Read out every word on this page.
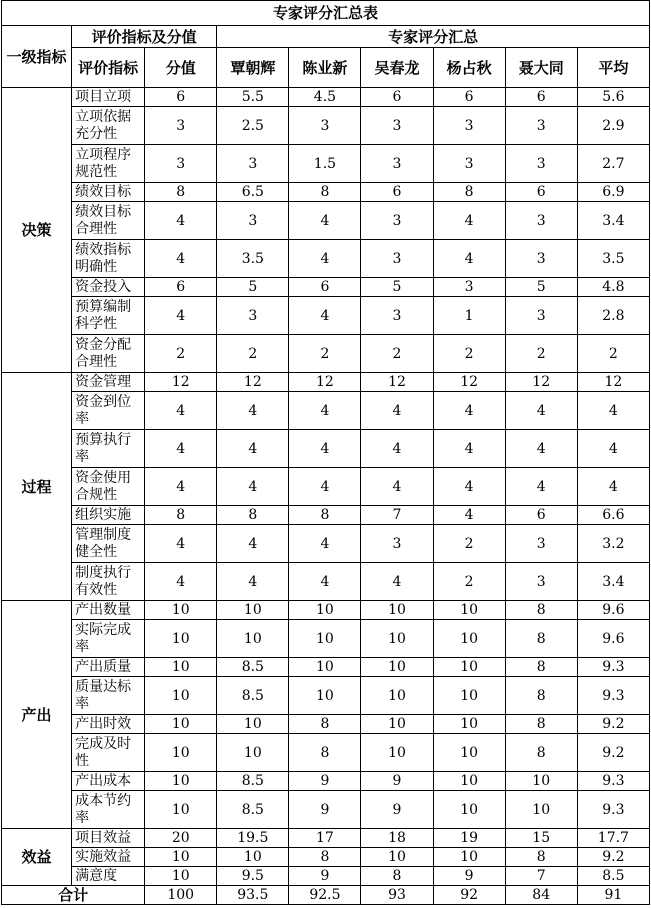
专家评分汇总表								
一级指标	评价指标及分值		专家评分汇总					
	评价指标	分值	覃朝辉	陈业新	吴春龙	杨占秋	聂大同	平均
决策	项目立项	6	5.5	4.5	6	6	6	5.6
	立项依据充分性	3	2.5	3	3	3	3	2.9
	立项程序规范性	3	3	1.5	3	3	3	2.7
	绩效目标	8	6.5	8	6	8	6	6.9
	绩效目标合理性	4	3	4	3	4	3	3.4
	绩效指标明确性	4	3.5	4	3	4	3	3.5
	资金投入	6	5	6	5	3	5	4.8
	预算编制科学性	4	3	4	3	1	3	2.8
	资金分配合理性	2	2	2	2	2	2	2
过程	资金管理	12	12	12	12	12	12	12
	资金到位率	4	4	4	4	4	4	4
	预算执行率	4	4	4	4	4	4	4
	资金使用合规性	4	4	4	4	4	4	4
	组织实施	8	8	8	7	4	6	6.6
	管理制度健全性	4	4	4	3	2	3	3.2
	制度执行有效性	4	4	4	4	2	3	3.4
产出	产出数量	10	10	10	10	10	8	9.6
	实际完成率	10	10	10	10	10	8	9.6
	产出质量	10	8.5	10	10	10	8	9.3
	质量达标率	10	8.5	10	10	10	8	9.3
	产出时效	10	10	8	10	10	8	9.2
	完成及时性	10	10	8	10	10	8	9.2
	产出成本	10	8.5	9	9	10	10	9.3
	成本节约率	10	8.5	9	9	10	10	9.3
效益	项目效益	20	19.5	17	18	19	15	17.7
	实施效益	10	10	8	10	10	8	9.2
	满意度	10	9.5	9	8	9	7	8.5
合计		100	93.5	92.5	93	92	84	91
